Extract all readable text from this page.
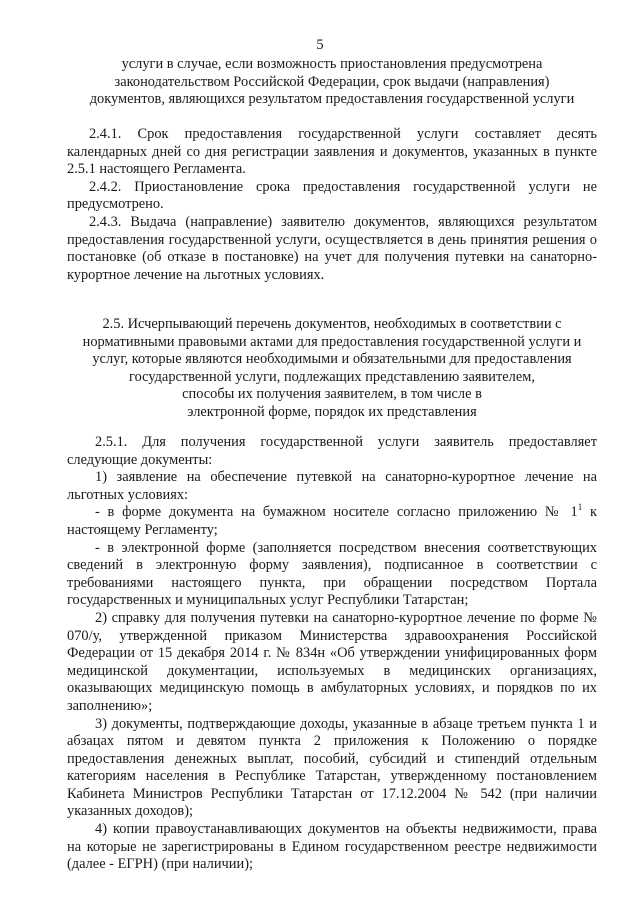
5
услуги в случае, если возможность приостановления предусмотрена
законодательством Российской Федерации, срок выдачи (направления)
документов, являющихся результатом предоставления государственной услуги

2.4.1. Срок предоставления государственной услуги составляет десять календарных дней со дня регистрации заявления и документов, указанных в пункте 2.5.1 настоящего Регламента.

2.4.2. Приостановление срока предоставления государственной услуги не предусмотрено.

2.4.3. Выдача (направление) заявителю документов, являющихся результатом предоставления государственной услуги, осуществляется в день принятия решения о постановке (об отказе в постановке) на учет для получения путевки на санаторно-курортное лечение на льготных условиях.

2.5. Исчерпывающий перечень документов, необходимых в соответствии с
нормативными правовыми актами для предоставления государственной услуги и
услуг, которые являются необходимыми и обязательными для предоставления
государственной услуги, подлежащих представлению заявителем,
способы их получения заявителем, в том числе в
электронной форме, порядок их представления

2.5.1. Для получения государственной услуги заявитель предоставляет следующие документы:

1) заявление на обеспечение путевкой на санаторно-курортное лечение на льготных условиях:

- в форме документа на бумажном носителе согласно приложению № $1^1$ к настоящему Регламенту;

- в электронной форме (заполняется посредством внесения соответствующих сведений в электронную форму заявления), подписанное в соответствии с требованиями настоящего пункта, при обращении посредством Портала государственных и муниципальных услуг Республики Татарстан;

2) справку для получения путевки на санаторно-курортное лечение по форме № 070/у, утвержденной приказом Министерства здравоохранения Российской Федерации от 15 декабря 2014 г. № 834н «Об утверждении унифицированных форм медицинской документации, используемых в медицинских организациях, оказывающих медицинскую помощь в амбулаторных условиях, и порядков по их заполнению»;

3) документы, подтверждающие доходы, указанные в абзаце третьем пункта 1 и абзацах пятом и девятом пункта 2 приложения к Положению о порядке предоставления денежных выплат, пособий, субсидий и стипендий отдельным категориям населения в Республике Татарстан, утвержденному постановлением Кабинета Министров Республики Татарстан от 17.12.2004 № 542 (при наличии указанных доходов);

4) копии правоустанавливающих документов на объекты недвижимости, права на которые не зарегистрированы в Едином государственном реестре недвижимости (далее - ЕГРН) (при наличии);
